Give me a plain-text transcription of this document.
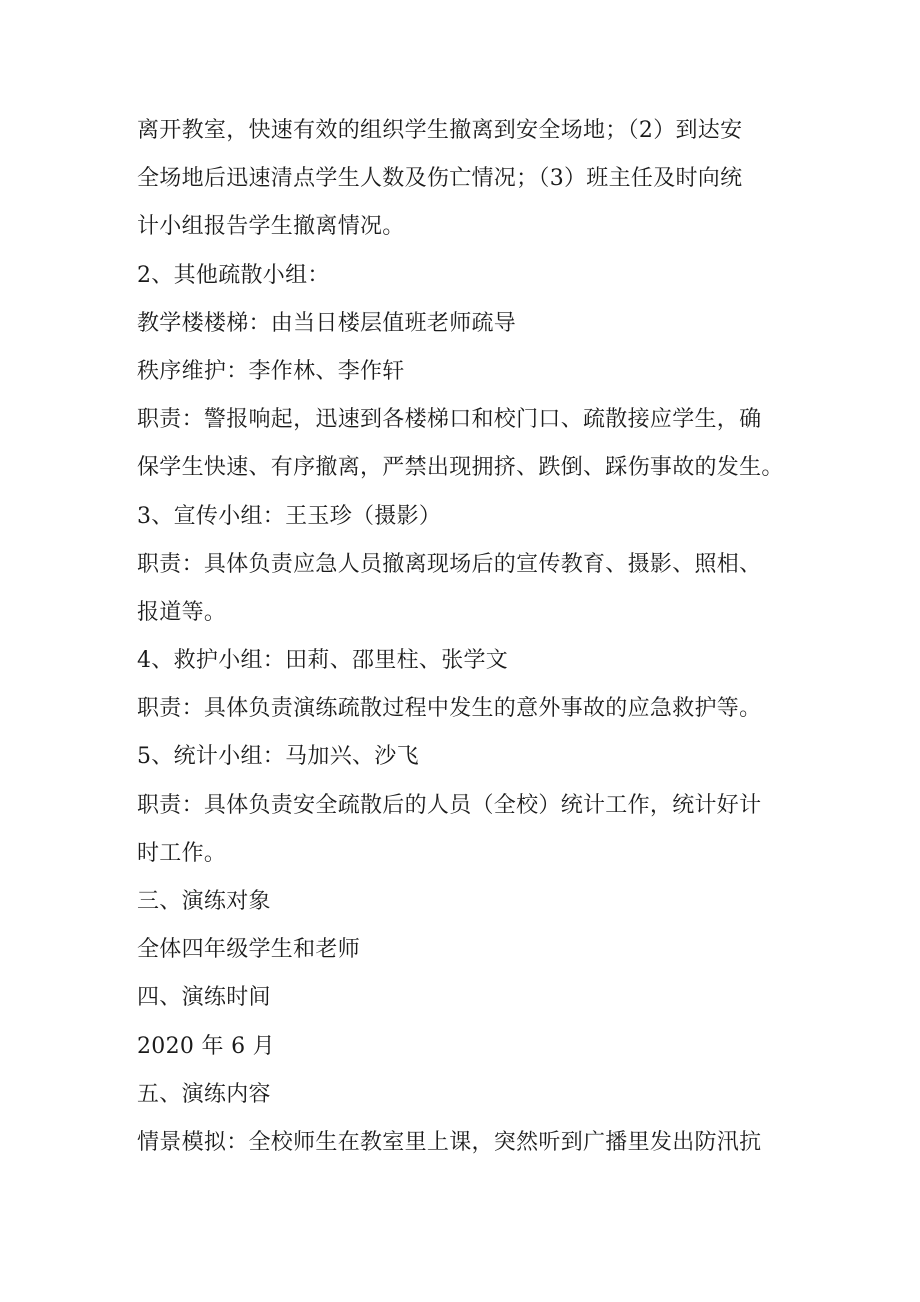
离开教室，快速有效的组织学生撤离到安全场地；（2）到达安
全场地后迅速清点学生人数及伤亡情况；（3）班主任及时向统
计小组报告学生撤离情况。
2、其他疏散小组：
教学楼楼梯：由当日楼层值班老师疏导
秩序维护：李作林、李作轩
职责：警报响起，迅速到各楼梯口和校门口、疏散接应学生，确
保学生快速、有序撤离，严禁出现拥挤、跌倒、踩伤事故的发生。
3、宣传小组：王玉珍（摄影）
职责：具体负责应急人员撤离现场后的宣传教育、摄影、照相、
报道等。
4、救护小组：田莉、邵里柱、张学文
职责：具体负责演练疏散过程中发生的意外事故的应急救护等。
5、统计小组：马加兴、沙飞
职责：具体负责安全疏散后的人员（全校）统计工作，统计好计
时工作。
三、演练对象
全体四年级学生和老师
四、演练时间
2020 年 6 月
五、演练内容
情景模拟：全校师生在教室里上课，突然听到广播里发出防汛抗
